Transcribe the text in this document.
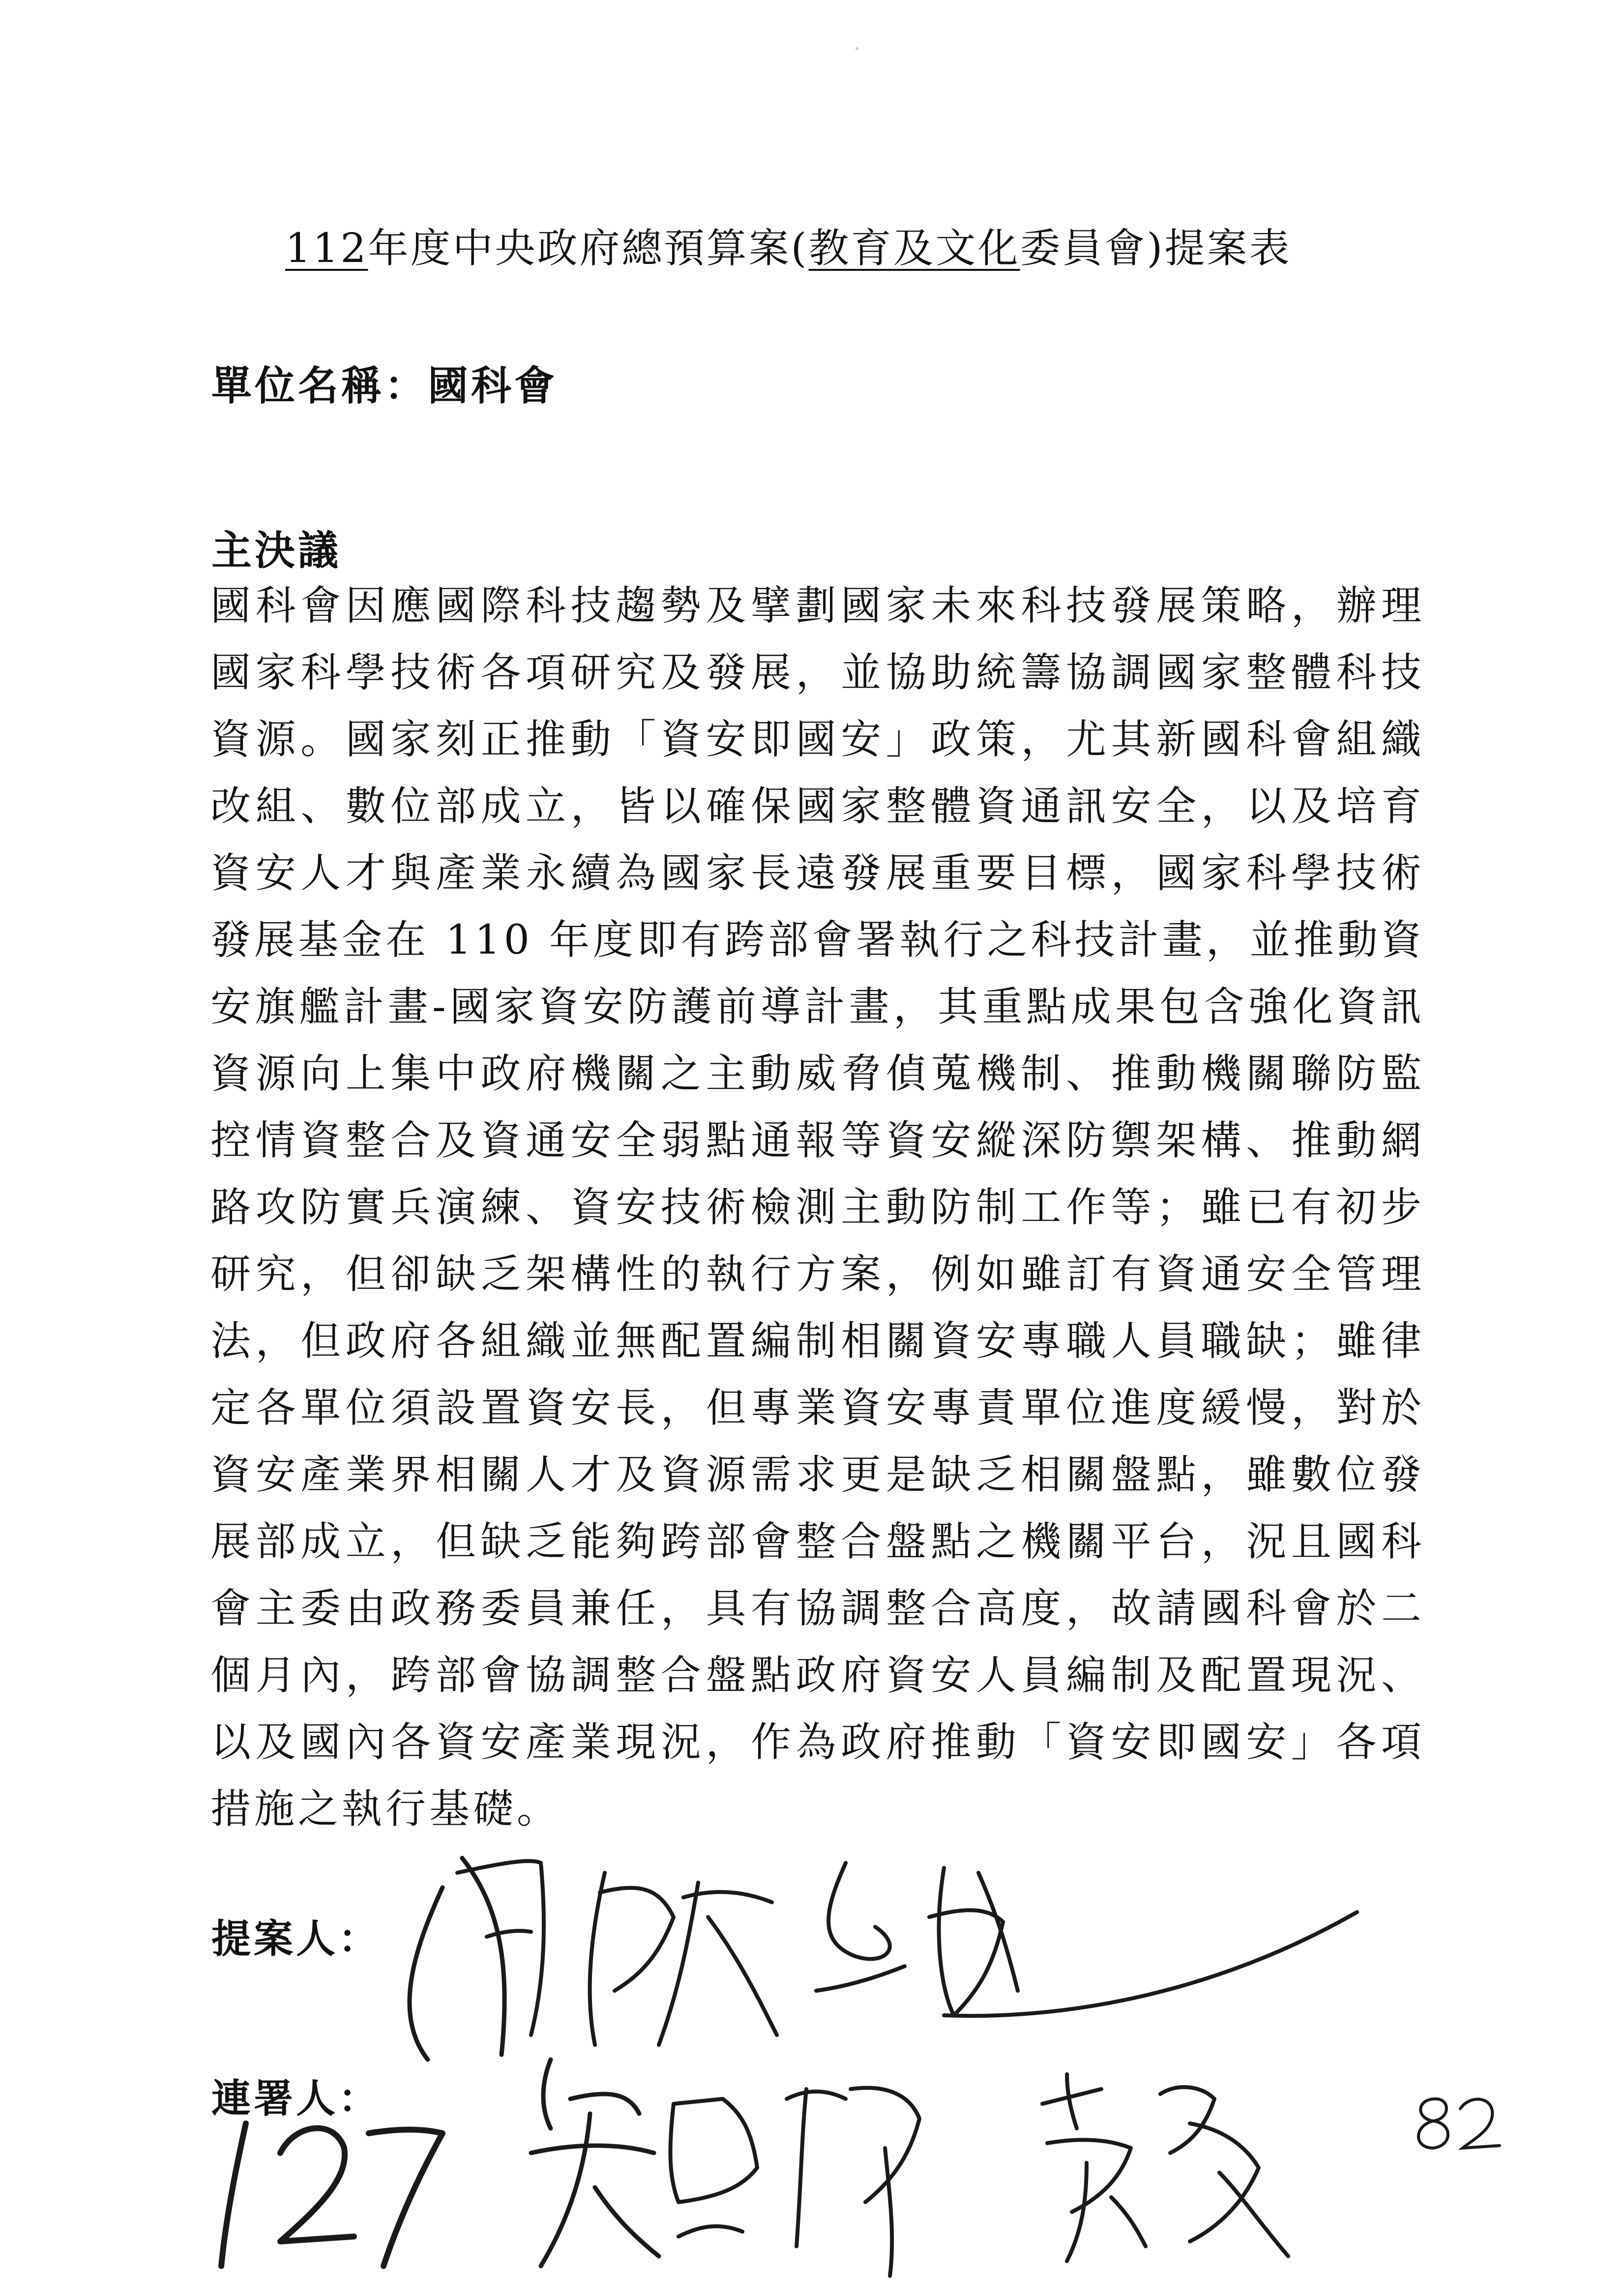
112年度中央政府總預算案(教育及文化委員會)提案表
單位名稱：國科會
主決議
國科會因應國際科技趨勢及擘劃國家未來科技發展策略，辦理國家科學技術各項研究及發展，並協助統籌協調國家整體科技資源。國家刻正推動「資安即國安」政策，尤其新國科會組織改組、數位部成立，皆以確保國家整體資通訊安全，以及培育資安人才與產業永續為國家長遠發展重要目標，國家科學技術發展基金在 110 年度即有跨部會署執行之科技計畫，並推動資安旗艦計畫-國家資安防護前導計畫，其重點成果包含強化資訊資源向上集中政府機關之主動威脅偵蒐機制、推動機關聯防監控情資整合及資通安全弱點通報等資安縱深防禦架構、推動網路攻防實兵演練、資安技術檢測主動防制工作等；雖已有初步研究，但卻缺乏架構性的執行方案，例如雖訂有資通安全管理法，但政府各組織並無配置編制相關資安專職人員職缺；雖律定各單位須設置資安長，但專業資安專責單位進度緩慢，對於資安產業界相關人才及資源需求更是缺乏相關盤點，雖數位發展部成立，但缺乏能夠跨部會整合盤點之機關平台，況且國科會主委由政務委員兼任，具有協調整合高度，故請國科會於二個月內，跨部會協調整合盤點政府資安人員編制及配置現況、以及國內各資安產業現況，作為政府推動「資安即國安」各項措施之執行基礎。
提案人：
連署人：
